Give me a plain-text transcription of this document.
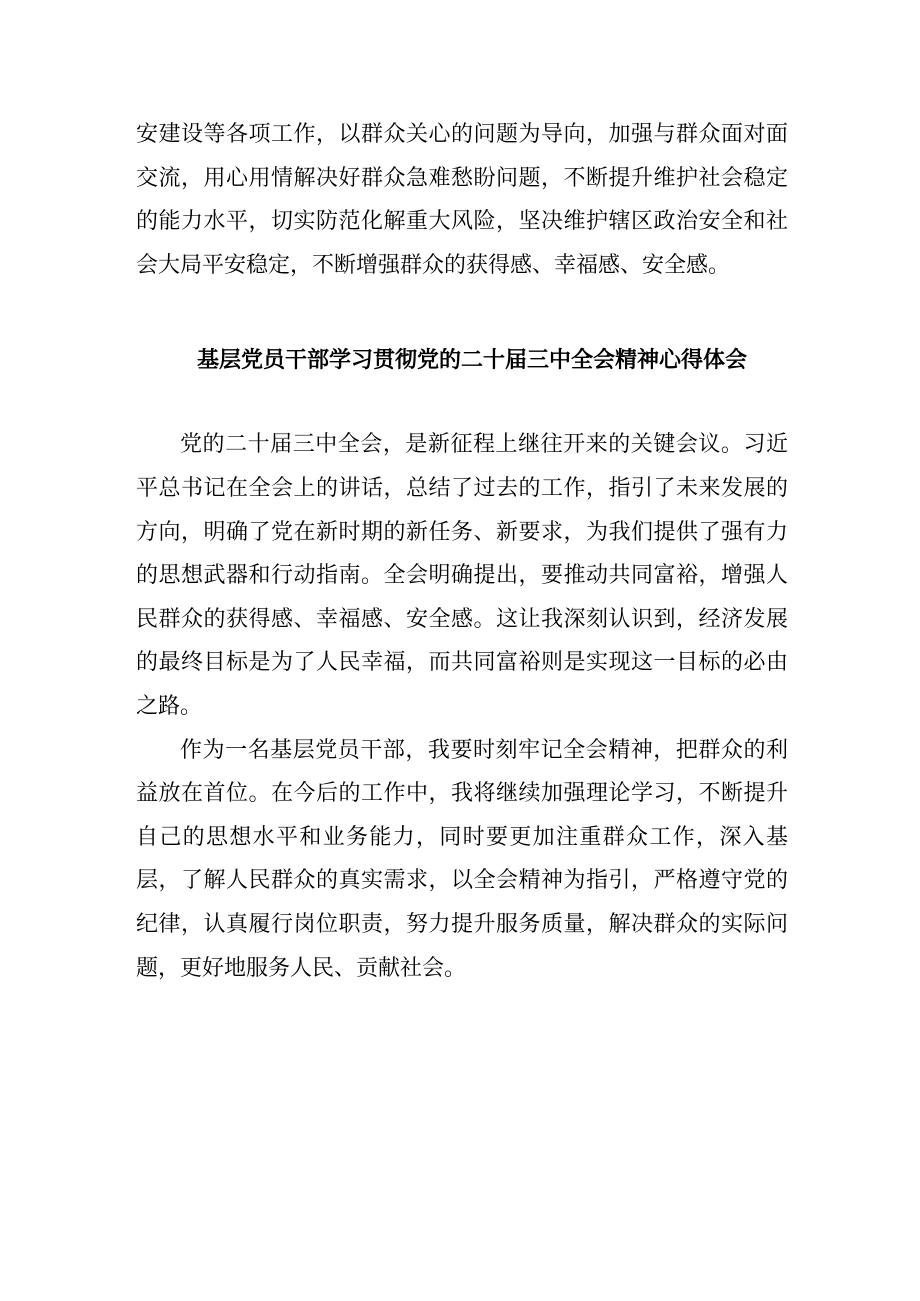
安建设等各项工作，以群众关心的问题为导向，加强与群众面对面交流，用心用情解决好群众急难愁盼问题，不断提升维护社会稳定的能力水平，切实防范化解重大风险，坚决维护辖区政治安全和社会大局平安稳定，不断增强群众的获得感、幸福感、安全感。

基层党员干部学习贯彻党的二十届三中全会精神心得体会

党的二十届三中全会，是新征程上继往开来的关键会议。习近平总书记在全会上的讲话，总结了过去的工作，指引了未来发展的方向，明确了党在新时期的新任务、新要求，为我们提供了强有力的思想武器和行动指南。全会明确提出，要推动共同富裕，增强人民群众的获得感、幸福感、安全感。这让我深刻认识到，经济发展的最终目标是为了人民幸福，而共同富裕则是实现这一目标的必由之路。

作为一名基层党员干部，我要时刻牢记全会精神，把群众的利益放在首位。在今后的工作中，我将继续加强理论学习，不断提升自己的思想水平和业务能力，同时要更加注重群众工作，深入基层，了解人民群众的真实需求，以全会精神为指引，严格遵守党的纪律，认真履行岗位职责，努力提升服务质量，解决群众的实际问题，更好地服务人民、贡献社会。
